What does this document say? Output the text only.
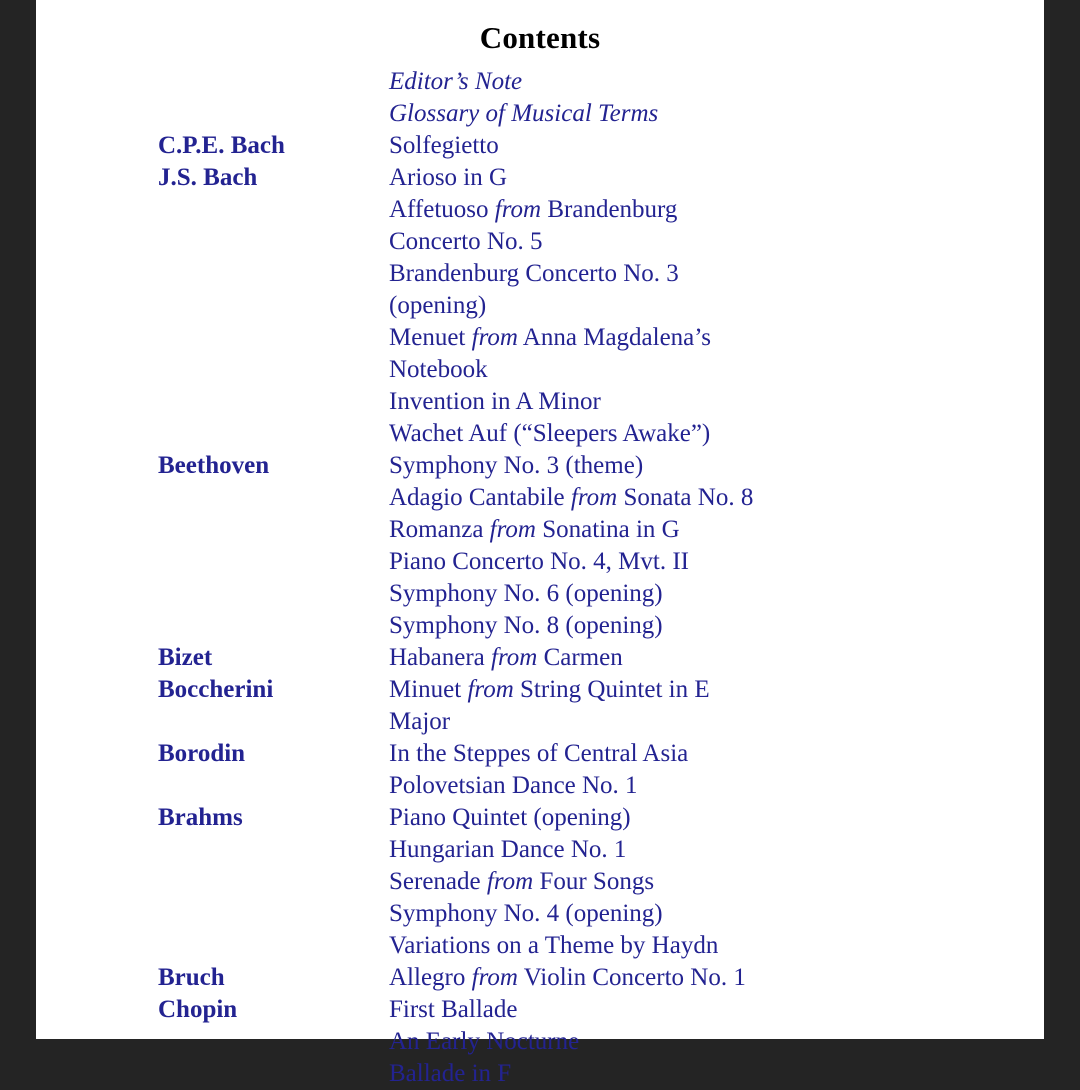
Contents
Editor’s Note
Glossary of Musical Terms
C.P.E. Bach	Solfegietto
J.S. Bach	Arioso in G
Affetuoso from Brandenburg Concerto No. 5
Brandenburg Concerto No. 3 (opening)
Menuet from Anna Magdalena’s Notebook
Invention in A Minor
Wachet Auf (“Sleepers Awake”)
Beethoven	Symphony No. 3 (theme)
Adagio Cantabile from Sonata No. 8
Romanza from Sonatina in G
Piano Concerto No. 4, Mvt. II
Symphony No. 6 (opening)
Symphony No. 8 (opening)
Bizet	Habanera from Carmen
Boccherini	Minuet from String Quintet in E Major
Borodin	In the Steppes of Central Asia
Polovetsian Dance No. 1
Brahms	Piano Quintet (opening)
Hungarian Dance No. 1
Serenade from Four Songs
Symphony No. 4 (opening)
Variations on a Theme by Haydn
Bruch	Allegro from Violin Concerto No. 1
Chopin	First Ballade
An Early Nocturne
Ballade in F
